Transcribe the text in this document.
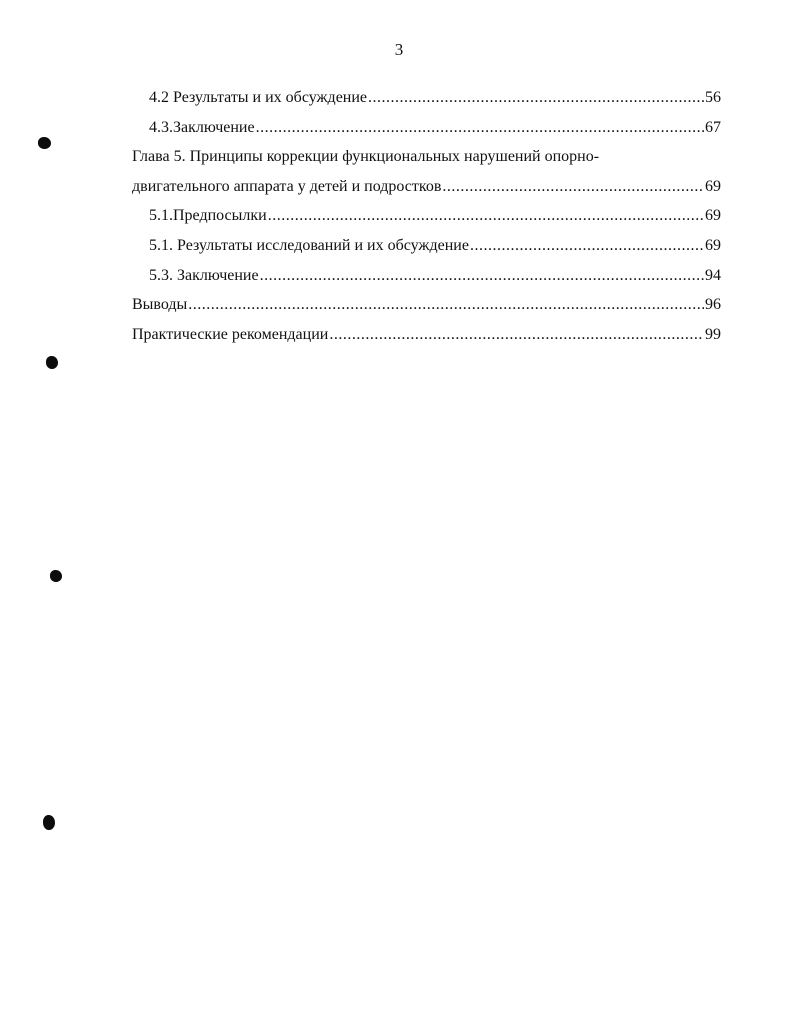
3
4.2 Результаты и их обсуждение .....	56
4.3.Заключение .....	67
Глава 5. Принципы коррекции функциональных нарушений опорно-
двигательного аппарата у детей и подростков .....	69
5.1.Предпосылки .....	69
5.1. Результаты исследований и их обсуждение .....	69
5.3. Заключение .....	94
Выводы .....	96
Практические рекомендации .....	99
